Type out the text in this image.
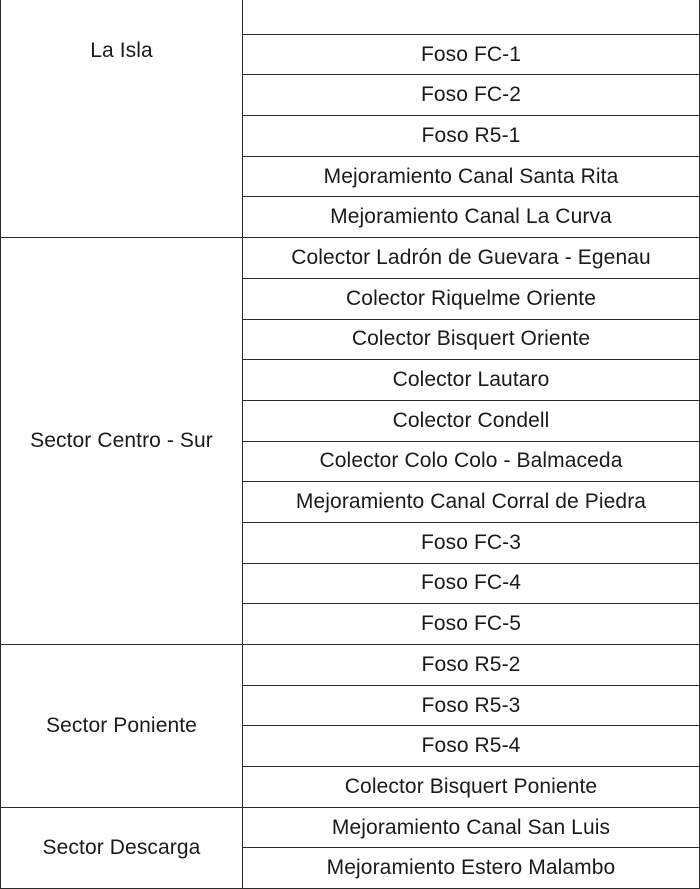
La Isla	
	Foso FC-1
	Foso FC-2
	Foso R5-1
	Mejoramiento Canal Santa Rita
	Mejoramiento Canal La Curva
Sector Centro - Sur	Colector Ladrón de Guevara - Egenau
	Colector Riquelme Oriente
	Colector Bisquert Oriente
	Colector Lautaro
	Colector Condell
	Colector Colo Colo - Balmaceda
	Mejoramiento Canal Corral de Piedra
	Foso FC-3
	Foso FC-4
	Foso FC-5
Sector Poniente	Foso R5-2
	Foso R5-3
	Foso R5-4
	Colector Bisquert Poniente
Sector Descarga	Mejoramiento Canal San Luis
	Mejoramiento Estero Malambo
